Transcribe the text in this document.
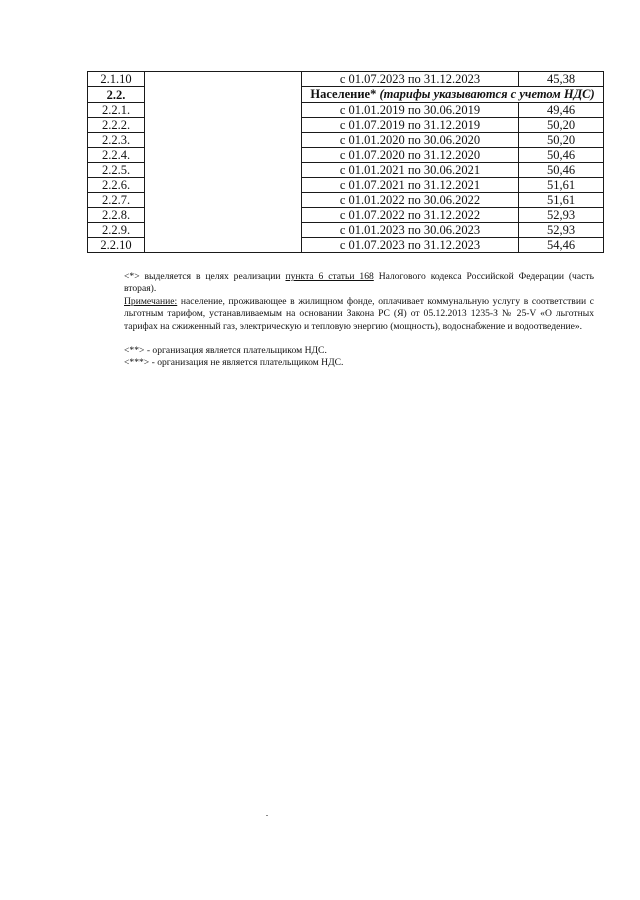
2.1.10		с 01.07.2023 по 31.12.2023	45,38
2.2.		Население* (тарифы указываются с учетом НДС)	
2.2.1.		с 01.01.2019 по 30.06.2019	49,46
2.2.2.		с 01.07.2019 по 31.12.2019	50,20
2.2.3.		с 01.01.2020 по 30.06.2020	50,20
2.2.4.		с 01.07.2020 по 31.12.2020	50,46
2.2.5.		с 01.01.2021 по 30.06.2021	50,46
2.2.6.		с 01.07.2021 по 31.12.2021	51,61
2.2.7.		с 01.01.2022 по 30.06.2022	51,61
2.2.8.		с 01.07.2022 по 31.12.2022	52,93
2.2.9.		с 01.01.2023 по 30.06.2023	52,93
2.2.10		с 01.07.2023 по 31.12.2023	54,46

<*> выделяется в целях реализации пункта 6 статьи 168 Налогового кодекса Российской Федерации (часть вторая).

Примечание: население, проживающее в жилищном фонде, оплачивает коммунальную услугу в соответствии с льготным тарифом, устанавливаемым на основании Закона РС (Я) от 05.12.2013 1235-З № 25-V «О льготных тарифах на сжиженный газ, электрическую и тепловую энергию (мощность), водоснабжение и водоотведение».

<**> - организация является плательщиком НДС.

<***> - организация не является плательщиком НДС.
